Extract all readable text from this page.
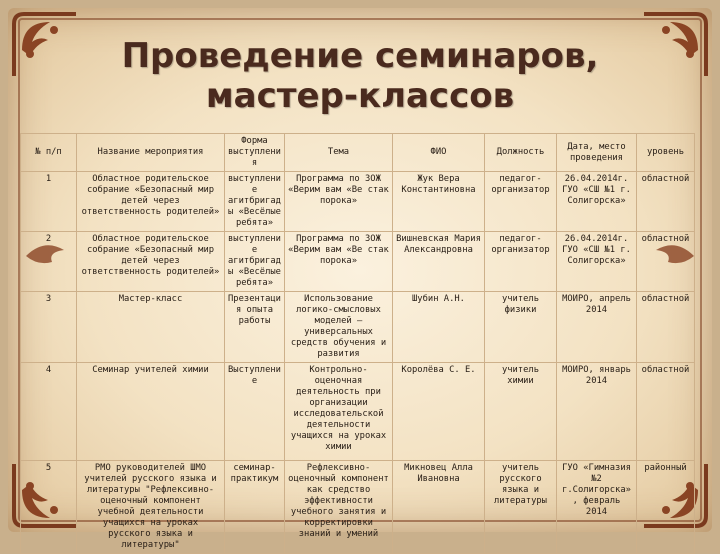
Проведение семинаров,
мастер-классов
№ п/п	Название мероприятия	Форма выступления	Тема	ФИО	Должность	Дата, место проведения	уровень
1	Областное родительское собрание «Безопасный мир детей через ответственность родителей»	выступление агитбригады «Весёлые ребята»	Программа по ЗОЖ «Верим вам «Ве стак порока»	Жук Вера Константиновна	педагог-организатор	26.04.2014г. ГУО «СШ №1 г. Солигорска»	областной
2	Областное родительское собрание «Безопасный мир детей через ответственность родителей»	выступление агитбригады «Весёлые ребята»	Программа по ЗОЖ «Верим вам «Ве стак порока»	Вишневская Мария Александровна	педагог-организатор	26.04.2014г. ГУО «СШ №1 г. Солигорска»	областной
3	Мастер-класс	Презентация опыта работы	Использование логико-смысловых моделей – универсальных средств обучения и развития	Шубин А.Н.	учитель физики	МОИРО, апрель 2014	областной
4	Семинар учителей химии	Выступление	Контрольно-оценочная деятельность при организации исследовательской деятельности учащихся на уроках химии	Королёва С. Е.	учитель химии	МОИРО, январь 2014	областной
5	РМО руководителей ШМО учителей русского языка и литературы "Рефлексивно-оценочный компонент учебной деятельности учащихся на уроках русского языка и литературы"	семинар-практикум	Рефлексивно-оценочный компонент как средство эффективности учебного занятия и корректировки знаний и умений	Микновец Алла Ивановна	учитель русского языка и литературы	ГУО «Гимназия №2 г.Солигорска», февраль 2014	районный
